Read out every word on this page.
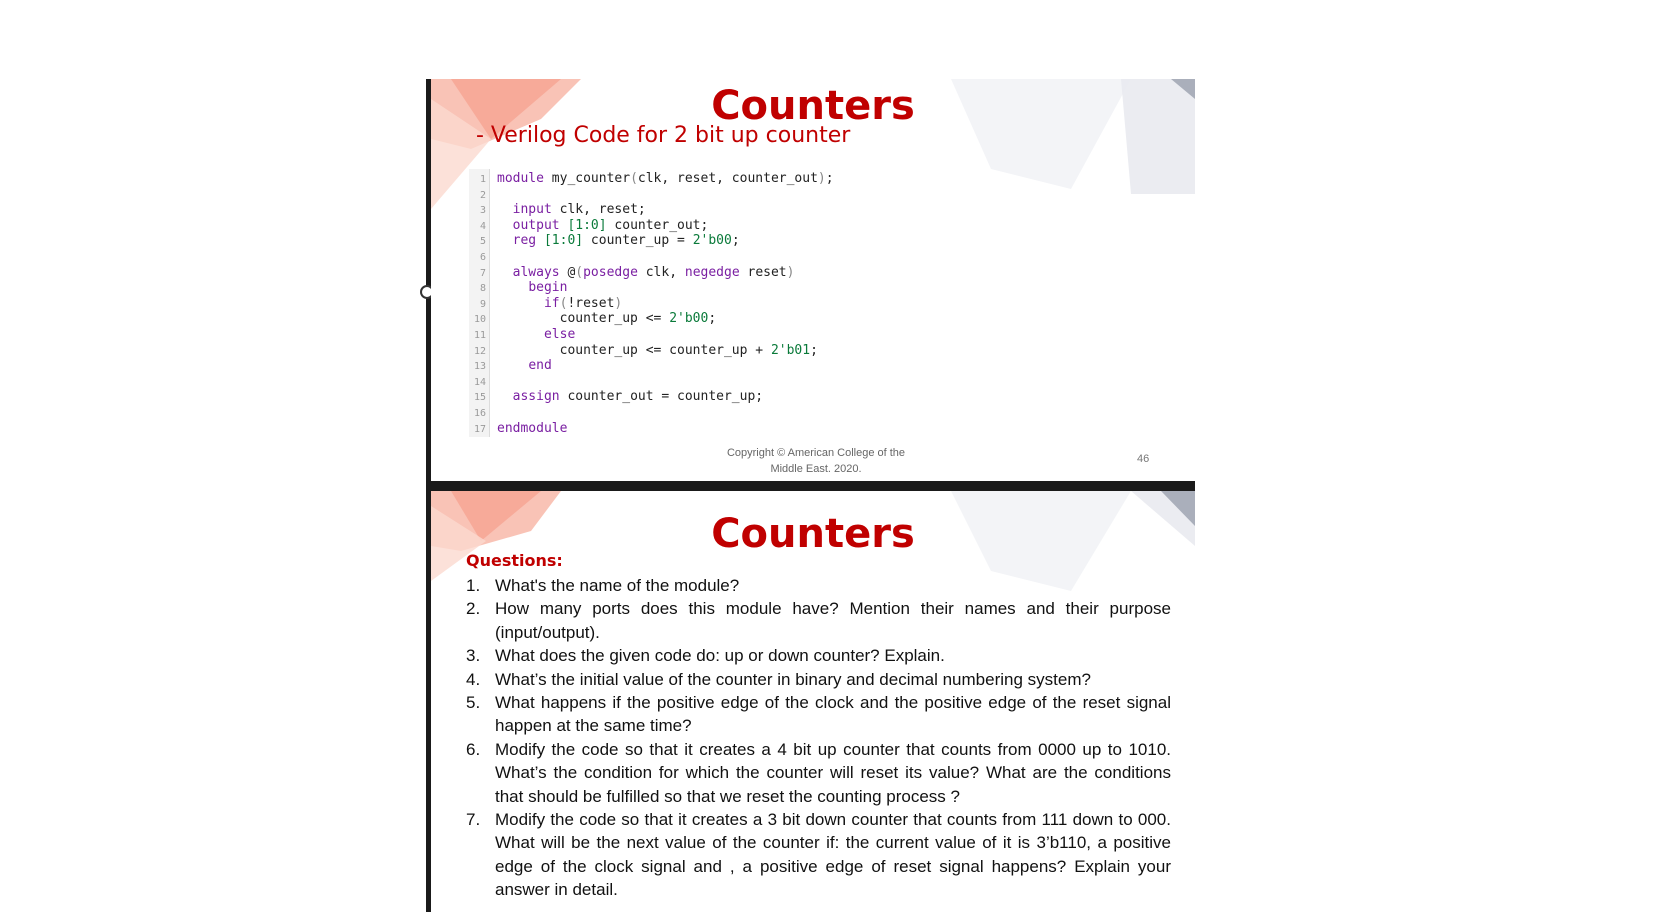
Counters
- Verilog Code for 2 bit up counter
1 module my_counter(clk, reset, counter_out);
2
3	input clk, reset;
4	output [1:0] counter_out;
5	reg [1:0] counter_up = 2'b00;
6
7	always @(posedge clk, negedge reset)
8	begin
9	if(!reset)
10 counter_up <= 2'b00;
11	else
12 counter_up <= counter_up + 2'b01;
13	end
14
15	assign counter_out = counter_up;
16
17 endmodule
Copyright © American College of the
Middle East. 2020.
46
Counters
Questions:
1. What's the name of the module?
2. How many ports does this module have? Mention their names and their purpose (input/output).
3. What does the given code do: up or down counter? Explain.
4. What’s the initial value of the counter in binary and decimal numbering system?
5. What happens if the positive edge of the clock and the positive edge of the reset signal happen at the same time?
6. Modify the code so that it creates a 4 bit up counter that counts from 0000 up to 1010. What’s the condition for which the counter will reset its value? What are the conditions that should be fulfilled so that we reset the counting process ?
7. Modify the code so that it creates a 3 bit down counter that counts from 111 down to 000. What will be the next value of the counter if: the current value of it is 3’b110, a positive edge of the clock signal and , a positive edge of reset signal happens? Explain your answer in detail.
